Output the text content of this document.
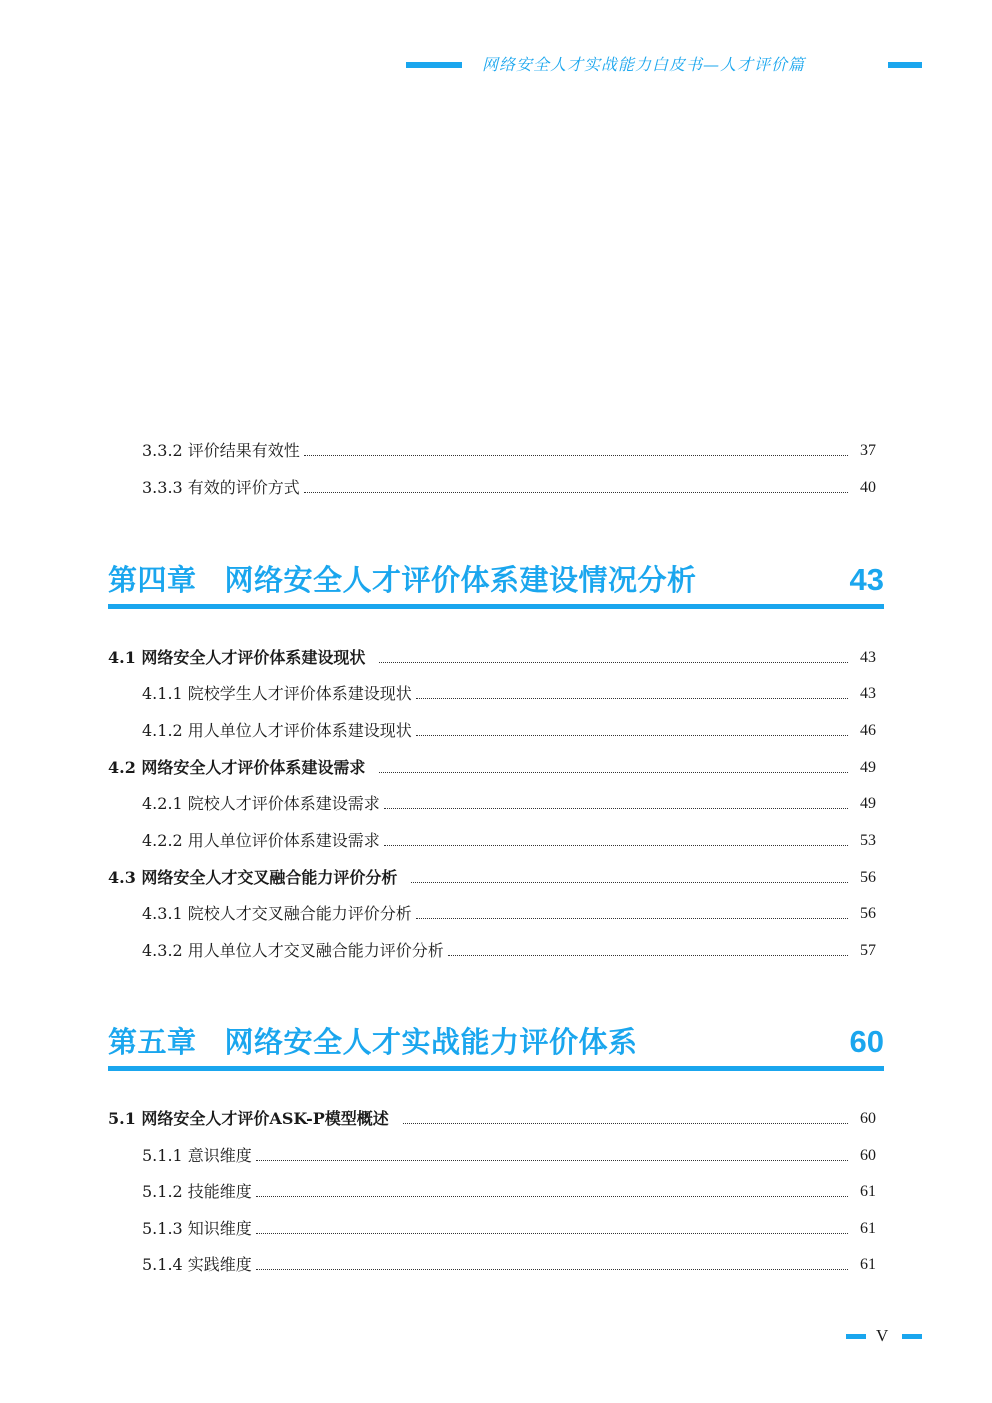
网络安全人才实战能力白皮书—人才评价篇
3.3.2 评价结果有效性	37
3.3.3 有效的评价方式	40
第四章 网络安全人才评价体系建设情况分析	43
4.1 网络安全人才评价体系建设现状	43
4.1.1 院校学生人才评价体系建设现状	43
4.1.2 用人单位人才评价体系建设现状	46
4.2 网络安全人才评价体系建设需求	49
4.2.1 院校人才评价体系建设需求	49
4.2.2 用人单位评价体系建设需求	53
4.3 网络安全人才交叉融合能力评价分析	56
4.3.1 院校人才交叉融合能力评价分析	56
4.3.2 用人单位人才交叉融合能力评价分析	57
第五章 网络安全人才实战能力评价体系	60
5.1 网络安全人才评价ASK-P模型概述	60
5.1.1 意识维度	60
5.1.2 技能维度	61
5.1.3 知识维度	61
5.1.4 实践维度	61
V
